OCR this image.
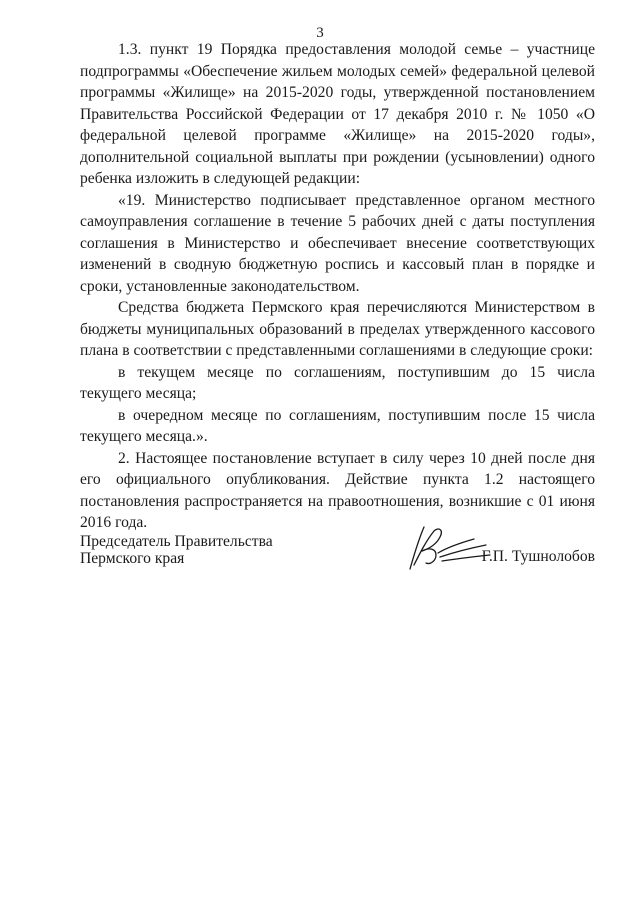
3

1.3. пункт 19 Порядка предоставления молодой семье – участнице подпрограммы «Обеспечение жильем молодых семей» федеральной целевой программы «Жилище» на 2015-2020 годы, утвержденной постановлением Правительства Российской Федерации от 17 декабря 2010 г. № 1050 «О федеральной целевой программе «Жилище» на 2015-2020 годы», дополнительной социальной выплаты при рождении (усыновлении) одного ребенка изложить в следующей редакции:

«19. Министерство подписывает представленное органом местного самоуправления соглашение в течение 5 рабочих дней с даты поступления соглашения в Министерство и обеспечивает внесение соответствующих изменений в сводную бюджетную роспись и кассовый план в порядке и сроки, установленные законодательством.

Средства бюджета Пермского края перечисляются Министерством в бюджеты муниципальных образований в пределах утвержденного кассового плана в соответствии с представленными соглашениями в следующие сроки:

в текущем месяце по соглашениям, поступившим до 15 числа текущего месяца;

в очередном месяце по соглашениям, поступившим после 15 числа текущего месяца.».

2. Настоящее постановление вступает в силу через 10 дней после дня его официального опубликования. Действие пункта 1.2 настоящего постановления распространяется на правоотношения, возникшие с 01 июня 2016 года.

Председатель Правительства
Пермского края	Г.П. Тушнолобов
